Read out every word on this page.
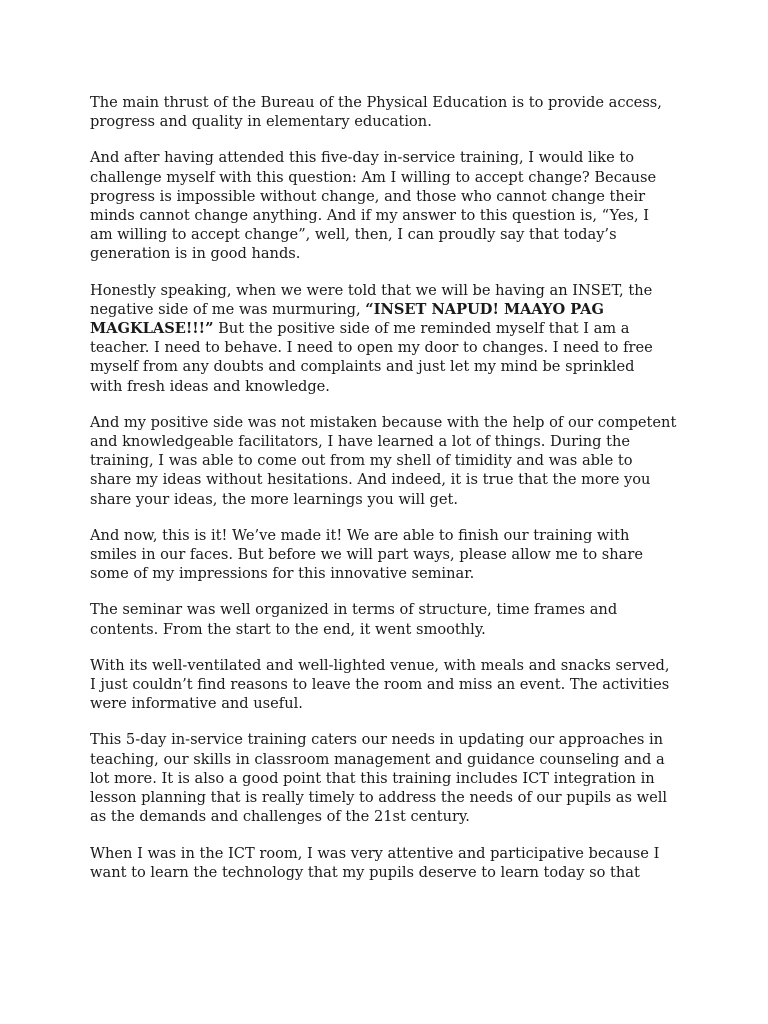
The main thrust of the Bureau of the Physical Education is to provide access,
progress and quality in elementary education.

And after having attended this five-day in-service training, I would like to
challenge myself with this question: Am I willing to accept change? Because
progress is impossible without change, and those who cannot change their
minds cannot change anything. And if my answer to this question is, “Yes, I
am willing to accept change”, well, then, I can proudly say that today’s
generation is in good hands.

Honestly speaking, when we were told that we will be having an INSET, the
negative side of me was murmuring, “INSET NAPUD! MAAYO PAG
MAGKLASE!!!” But the positive side of me reminded myself that I am a
teacher. I need to behave. I need to open my door to changes. I need to free
myself from any doubts and complaints and just let my mind be sprinkled
with fresh ideas and knowledge.

And my positive side was not mistaken because with the help of our competent
and knowledgeable facilitators, I have learned a lot of things. During the
training, I was able to come out from my shell of timidity and was able to
share my ideas without hesitations. And indeed, it is true that the more you
share your ideas, the more learnings you will get.

And now, this is it! We’ve made it! We are able to finish our training with
smiles in our faces. But before we will part ways, please allow me to share
some of my impressions for this innovative seminar.

The seminar was well organized in terms of structure, time frames and
contents. From the start to the end, it went smoothly.

With its well-ventilated and well-lighted venue, with meals and snacks served,
I just couldn’t find reasons to leave the room and miss an event. The activities
were informative and useful.

This 5-day in-service training caters our needs in updating our approaches in
teaching, our skills in classroom management and guidance counseling and a
lot more. It is also a good point that this training includes ICT integration in
lesson planning that is really timely to address the needs of our pupils as well
as the demands and challenges of the 21st century.

When I was in the ICT room, I was very attentive and participative because I
want to learn the technology that my pupils deserve to learn today so that
